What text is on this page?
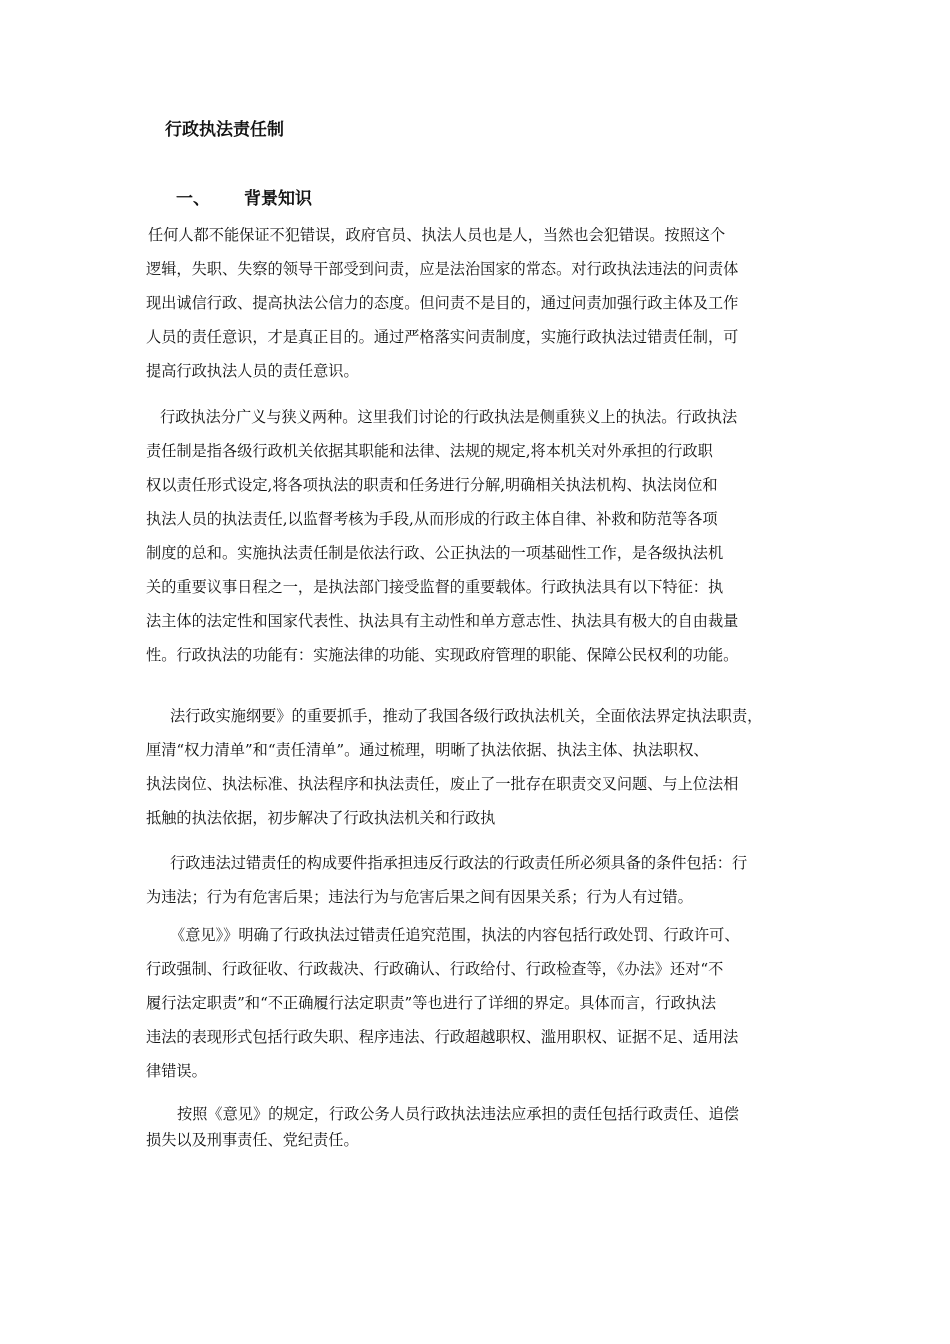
行政执法责任制
一、 背景知识
任何人都不能保证不犯错误，政府官员、执法人员也是人，当然也会犯错误。按照这个
逻辑，失职、失察的领导干部受到问责，应是法治国家的常态。对行政执法违法的问责体
现出诚信行政、提高执法公信力的态度。但问责不是目的，通过问责加强行政主体及工作
人员的责任意识，才是真正目的。通过严格落实问责制度，实施行政执法过错责任制，可
提高行政执法人员的责任意识。
行政执法分广义与狭义两种。这里我们讨论的行政执法是侧重狭义上的执法。行政执法
责任制是指各级行政机关依据其职能和法律、法规的规定,将本机关对外承担的行政职
权以责任形式设定,将各项执法的职责和任务进行分解,明确相关执法机构、执法岗位和
执法人员的执法责任,以监督考核为手段,从而形成的行政主体自律、补救和防范等各项
制度的总和。实施执法责任制是依法行政、公正执法的一项基础性工作，是各级执法机
关的重要议事日程之一，是执法部门接受监督的重要载体。行政执法具有以下特征：执
法主体的法定性和国家代表性、执法具有主动性和单方意志性、执法具有极大的自由裁量
性。行政执法的功能有：实施法律的功能、实现政府管理的职能、保障公民权利的功能。
法行政实施纲要》的重要抓手，推动了我国各级行政执法机关，全面依法界定执法职责，
厘清“权力清单”和“责任清单”。通过梳理，明晰了执法依据、执法主体、执法职权、
执法岗位、执法标准、执法程序和执法责任，废止了一批存在职责交叉问题、与上位法相
抵触的执法依据，初步解决了行政执法机关和行政执
行政违法过错责任的构成要件指承担违反行政法的行政责任所必须具备的条件包括：行
为违法；行为有危害后果；违法行为与危害后果之间有因果关系；行为人有过错。
《意见》》明确了行政执法过错责任追究范围，执法的内容包括行政处罚、行政许可、
行政强制、行政征收、行政裁决、行政确认、行政给付、行政检查等，《办法》还对“不
履行法定职责”和“不正确履行法定职责”等也进行了详细的界定。具体而言，行政执法
违法的表现形式包括行政失职、程序违法、行政超越职权、滥用职权、证据不足、适用法
律错误。
按照《意见》的规定，行政公务人员行政执法违法应承担的责任包括行政责任、追偿
损失以及刑事责任、党纪责任。
